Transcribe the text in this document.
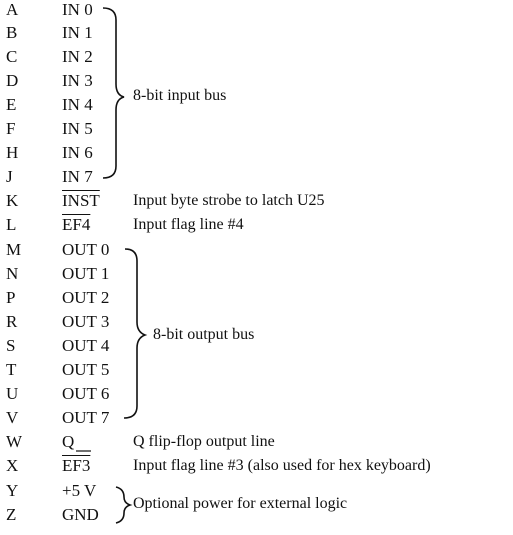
A
B
C
D
E
F
H
J
K
L
M
N
P
R
S
T
U
V
W
X
Y
Z
IN 0
IN 1
IN 2
IN 3
IN 4
IN 5
IN 6
IN 7
INST
EF4
OUT 0
OUT 1
OUT 2
OUT 3
OUT 4
OUT 5
OUT 6
OUT 7
Q
EF3
+5 V
GND
Input byte strobe to latch U25
Input flag line #4
Q flip-flop output line
Input flag line #3 (also used for hex keyboard)
8-bit input bus
8-bit output bus
Optional power for external logic
